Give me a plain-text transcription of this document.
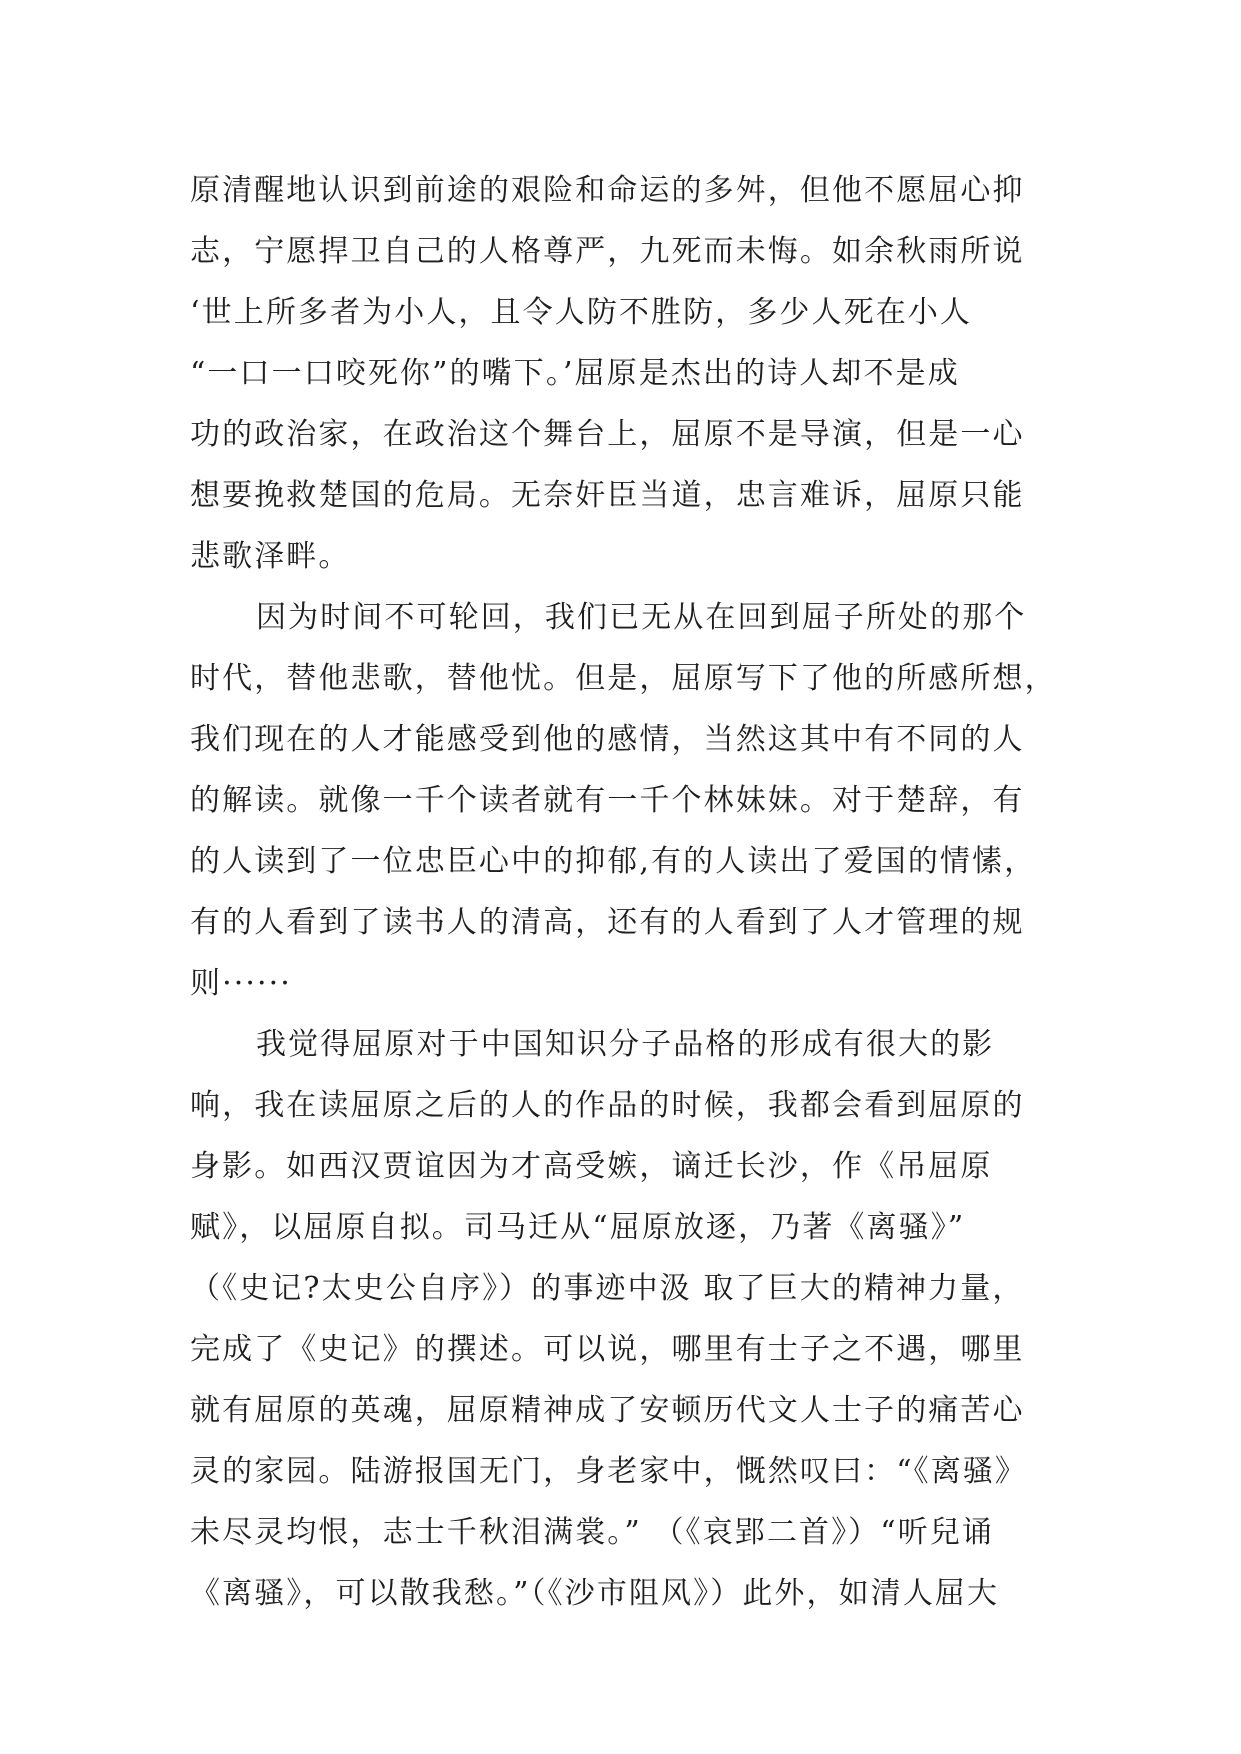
原清醒地认识到前途的艰险和命运的多舛，但他不愿屈心抑
志，宁愿捍卫自己的人格尊严，九死而未悔。如余秋雨所说
‘世上所多者为小人，且令人防不胜防，多少人死在小人
“一口一口咬死你”的嘴下。’屈原是杰出的诗人却不是成
功的政治家，在政治这个舞台上，屈原不是导演，但是一心
想要挽救楚国的危局。无奈奸臣当道，忠言难诉，屈原只能
悲歌泽畔。

因为时间不可轮回，我们已无从在回到屈子所处的那个
时代，替他悲歌，替他忧。但是，屈原写下了他的所感所想，
我们现在的人才能感受到他的感情，当然这其中有不同的人
的解读。就像一千个读者就有一千个林妹妹。对于楚辞，有
的人读到了一位忠臣心中的抑郁,有的人读出了爱国的情愫，
有的人看到了读书人的清高，还有的人看到了人才管理的规
则······

我觉得屈原对于中国知识分子品格的形成有很大的影
响，我在读屈原之后的人的作品的时候，我都会看到屈原的
身影。如西汉贾谊因为才高受嫉，谪迁长沙，作《吊屈原
赋》，以屈原自拟。司马迁从“屈原放逐，乃著《离骚》”
（《史记?太史公自序》）的事迹中汲 取了巨大的精神力量，
完成了《史记》的撰述。可以说，哪里有士子之不遇，哪里
就有屈原的英魂，屈原精神成了安顿历代文人士子的痛苦心
灵的家园。陆游报国无门，身老家中，慨然叹曰：“《离骚》
未尽灵均恨，志士千秋泪满裳。” （《哀郢二首》）“听兒诵
《离骚》，可以散我愁。”（《沙市阻风》）此外，如清人屈大
